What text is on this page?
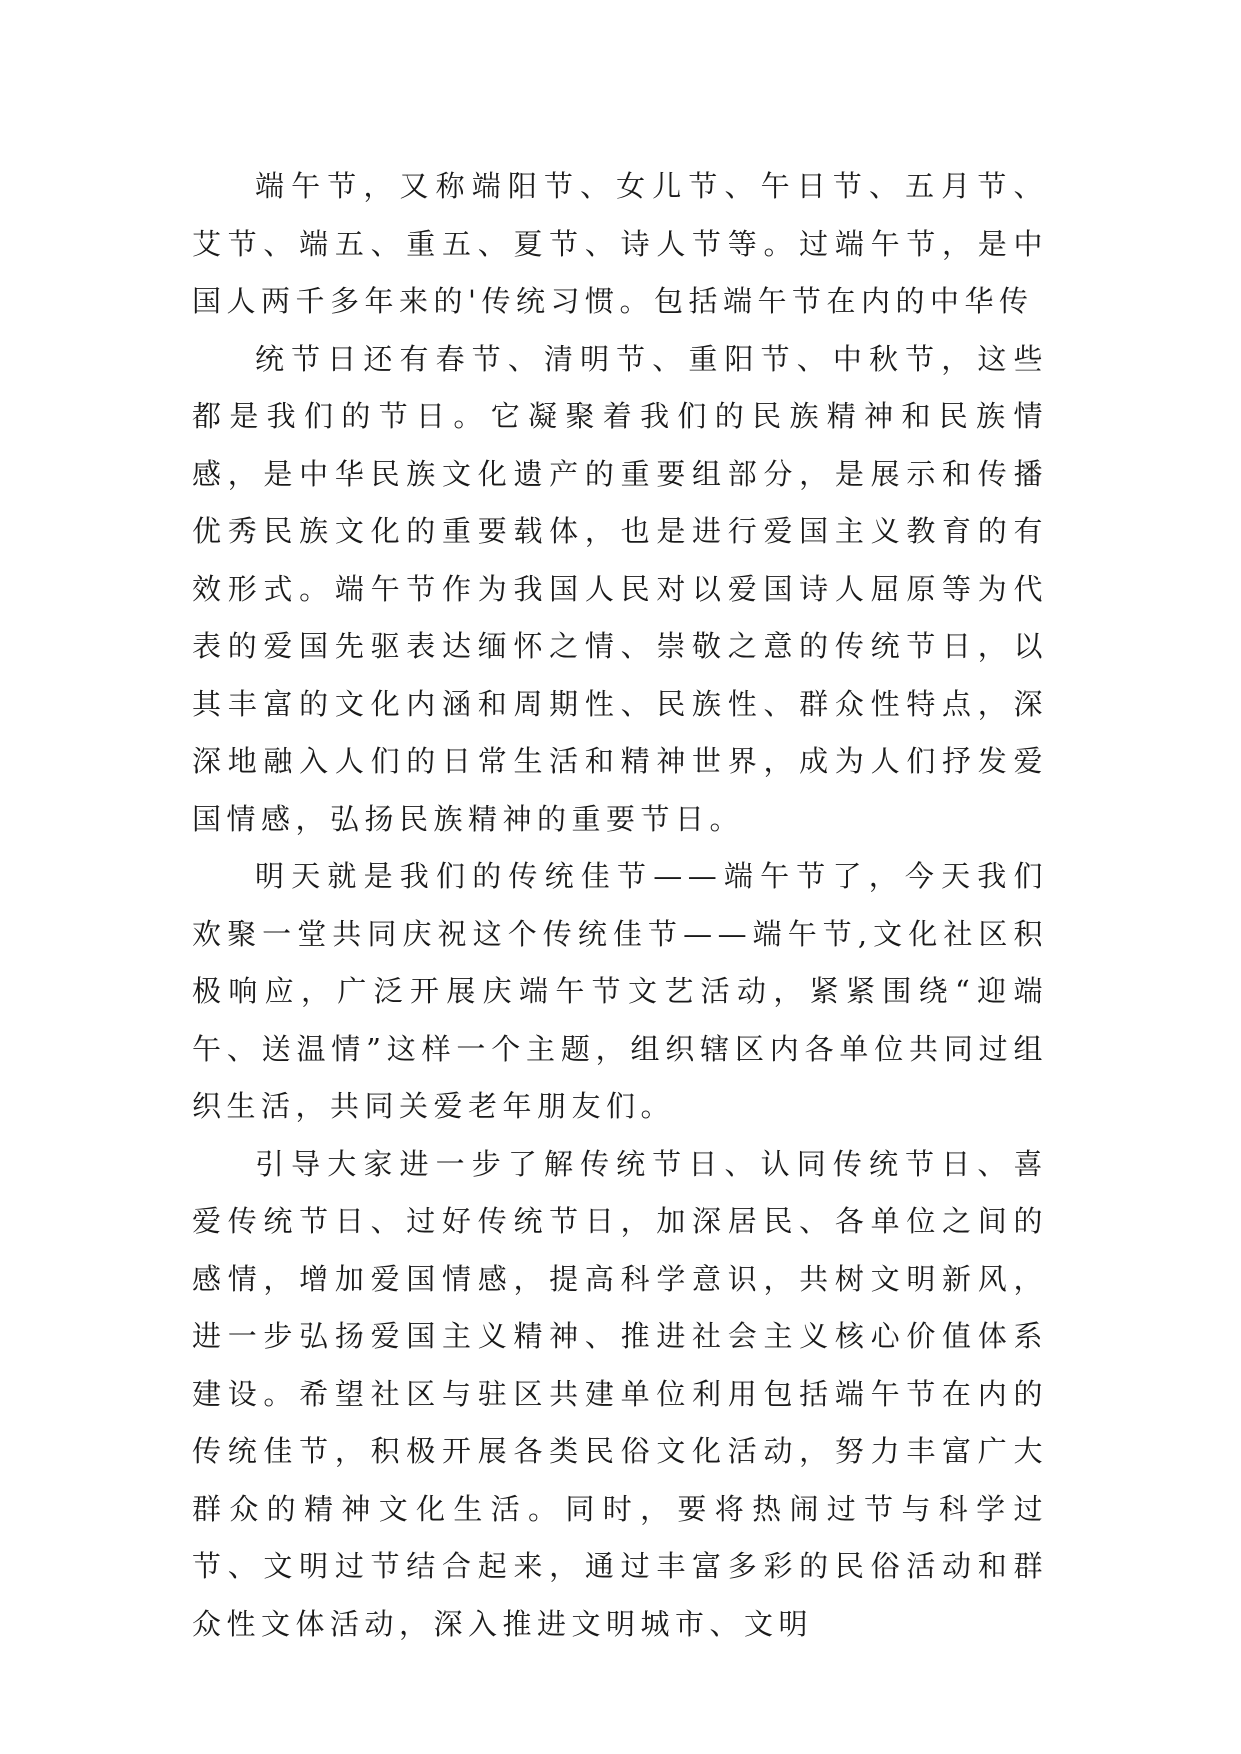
端午节，又称端阳节、女儿节、午日节、五月节、艾节、端五、重五、夏节、诗人节等。过端午节，是中国人两千多年来的'传统习惯。包括端午节在内的中华传

统节日还有春节、清明节、重阳节、中秋节，这些都是我们的节日。它凝聚着我们的民族精神和民族情感，是中华民族文化遗产的重要组部分，是展示和传播优秀民族文化的重要载体，也是进行爱国主义教育的有效形式。端午节作为我国人民对以爱国诗人屈原等为代表的爱国先驱表达缅怀之情、崇敬之意的传统节日，以其丰富的文化内涵和周期性、民族性、群众性特点，深深地融入人们的日常生活和精神世界，成为人们抒发爱国情感，弘扬民族精神的重要节日。

明天就是我们的传统佳节——端午节了，今天我们欢聚一堂共同庆祝这个传统佳节——端午节,文化社区积极响应，广泛开展庆端午节文艺活动，紧紧围绕“迎端午、送温情”这样一个主题，组织辖区内各单位共同过组织生活，共同关爱老年朋友们。

引导大家进一步了解传统节日、认同传统节日、喜爱传统节日、过好传统节日，加深居民、各单位之间的感情，增加爱国情感，提高科学意识，共树文明新风，进一步弘扬爱国主义精神、推进社会主义核心价值体系建设。希望社区与驻区共建单位利用包括端午节在内的传统佳节，积极开展各类民俗文化活动，努力丰富广大群众的精神文化生活。同时，要将热闹过节与科学过节、文明过节结合起来，通过丰富多彩的民俗活动和群众性文体活动，深入推进文明城市、文明
